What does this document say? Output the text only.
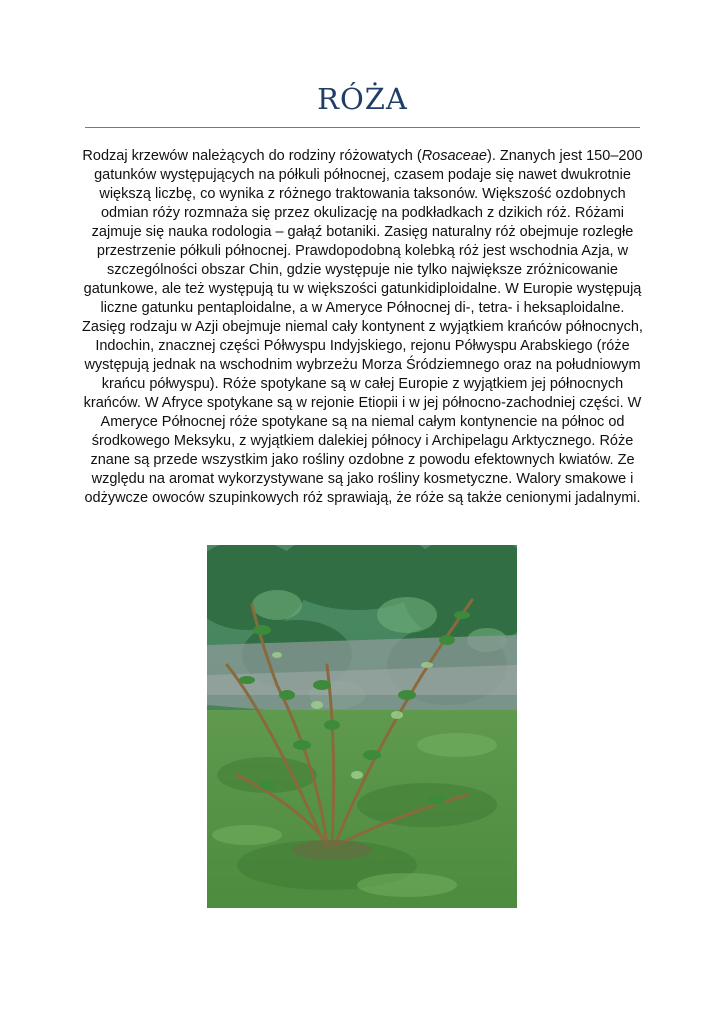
RÓŻA

Rodzaj krzewów należących do rodziny różowatych (Rosaceae). Znanych jest 150–200 gatunków występujących na półkuli północnej, czasem podaje się nawet dwukrotnie większą liczbę, co wynika z różnego traktowania taksonów. Większość ozdobnych odmian róży rozmnaża się przez okulizację na podkładkach z dzikich róż. Różami zajmuje się nauka rodologia – gałąź botaniki. Zasięg naturalny róż obejmuje rozległe przestrzenie półkuli północnej. Prawdopodobną kolebką róż jest wschodnia Azja, w szczególności obszar Chin, gdzie występuje nie tylko największe zróżnicowanie gatunkowe, ale też występują tu w większości gatunkidiploidalne. W Europie występują liczne gatunku pentaploidalne, a w Ameryce Północnej di-, tetra- i heksaploidalne. Zasięg rodzaju w Azji obejmuje niemal cały kontynent z wyjątkiem krańców północnych, Indochin, znacznej części Półwyspu Indyjskiego, rejonu Półwyspu Arabskiego (róże występują jednak na wschodnim wybrzeżu Morza Śródziemnego oraz na południowym krańcu półwyspu). Róże spotykane są w całej Europie z wyjątkiem jej północnych krańców. W Afryce spotykane są w rejonie Etiopii i w jej północno-zachodniej części. W Ameryce Północnej róże spotykane są na niemal całym kontynencie na północ od środkowego Meksyku, z wyjątkiem dalekiej północy i Archipelagu Arktycznego. Róże znane są przede wszystkim jako rośliny ozdobne z powodu efektownych kwiatów. Ze względu na aromat wykorzystywane są jako rośliny kosmetyczne. Walory smakowe i odżywcze owoców szupinkowych róż sprawiają, że róże są także cenionymi jadalnymi.
